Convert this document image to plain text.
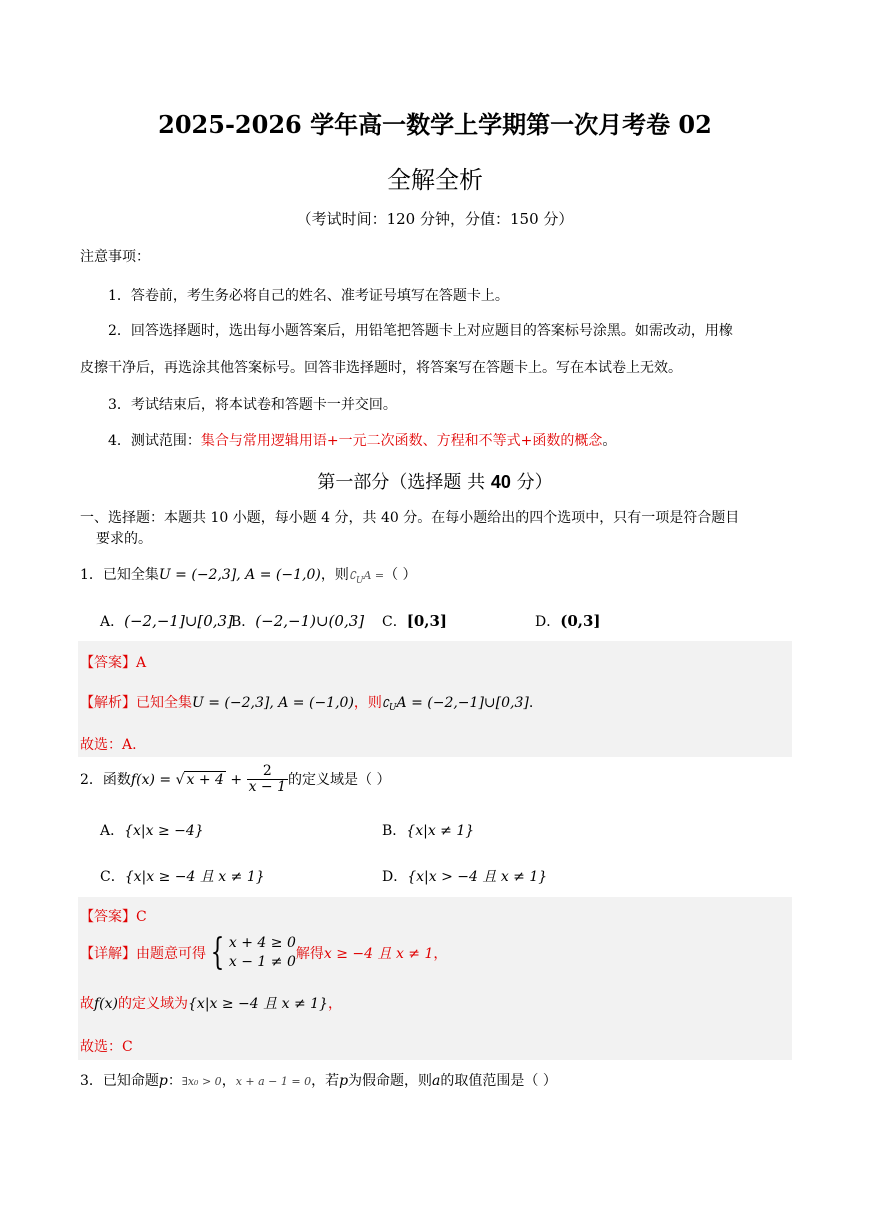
2025-2026 学年高一数学上学期第一次月考卷 02
全解全析
（考试时间：120 分钟，分值：150 分）
注意事项：
1．答卷前，考生务必将自己的姓名、准考证号填写在答题卡上。
2．回答选择题时，选出每小题答案后，用铅笔把答题卡上对应题目的答案标号涂黑。如需改动，用橡
皮擦干净后，再选涂其他答案标号。回答非选择题时，将答案写在答题卡上。写在本试卷上无效。
3．考试结束后，将本试卷和答题卡一并交回。
4．测试范围：集合与常用逻辑用语+一元二次函数、方程和不等式+函数的概念。
第一部分（选择题 共 40 分）
一、选择题：本题共 10 小题，每小题 4 分，共 40 分。在每小题给出的四个选项中，只有一项是符合题目
要求的。
1．已知全集U = (−2,3], A = (−1,0)，则$∁_UA$ =（ ）
A．(−2,−1]∪[0,3]
B．(−2,−1)∪(0,3] C．[0,3]	D．(0,3]
【答案】A
【解析】已知全集U = (−2,3], A = (−1,0)，则$∁_UA$ = (−2,−1]∪[0,3].
故选：A.
2．函数f(x) = √ $x + 4 + \frac{2}{x - 1}$ 的定义域是（ ）
A．{x|x ≥ −4}	B．{x|x ≠ 1}
C．{x|x ≥ −4 且 x ≠ 1}	D．{x|x > −4 且 x ≠ 1}
【答案】C
【详解】由题意可得 { x + 4 ≥ 0
x − 1 ≠ 0 解得x ≥ −4 且 x ≠ 1，
故f(x)的定义域为{x|x ≥ −4 且 x ≠ 1}，
故选：C
3．已知命题p：∃x₀ > 0，x + a − 1 = 0，若p为假命题，则a的取值范围是（ ）
